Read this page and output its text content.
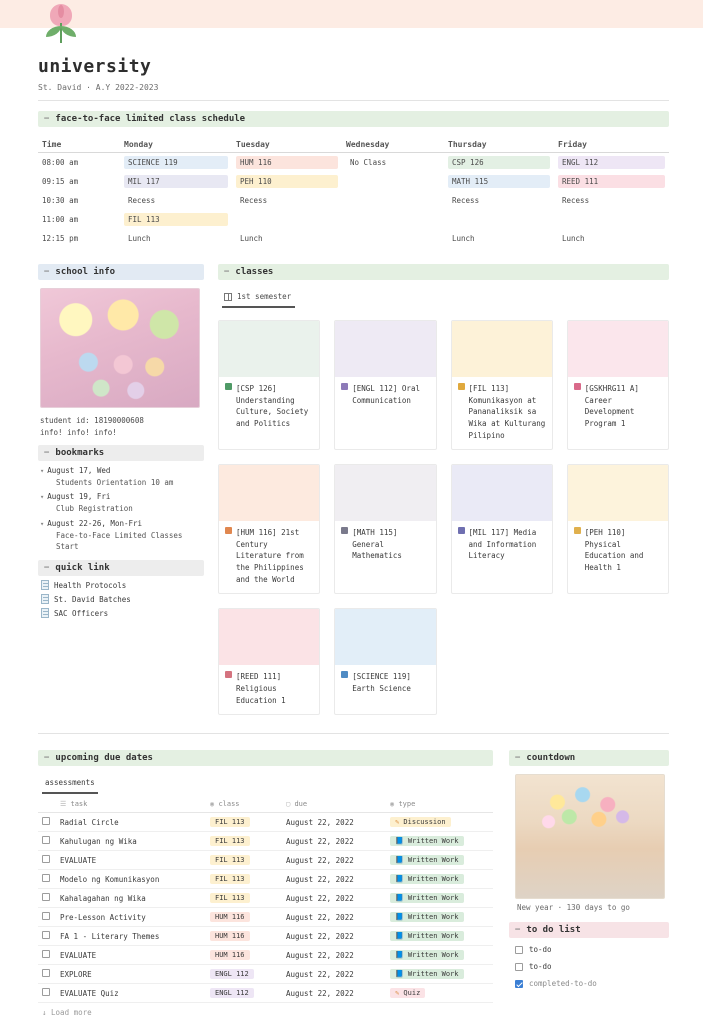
university
St. David · A.Y 2022-2023
− face-to-face limited class schedule
Time	Monday	Tuesday	Wednesday	Thursday	Friday
08:00 am	SCIENCE 119	HUM 116	No Class	CSP 126	ENGL 112

09:15 am	MIL 117	PEH 110		MATH 115	REED 111

10:30 am	Recess	Recess		Recess	Recess

11:00 am	FIL 113				

12:15 pm	Lunch	Lunch		Lunch	Lunch
− school info
student id: 18190000608
info! info! info!
− bookmarks
▾ August 17, Wed
Students Orientation 10 am
▾ August 19, Fri
Club Registration
▾ August 22-26, Mon-Fri
Face-to-Face Limited Classes Start
− quick link
Health Protocols
St. David Batches
SAC Officers
− classes
1st semester
[CSP 126] Understanding Culture, Society and Politics
[ENGL 112] Oral Communication
[FIL 113] Komunikasyon at Pananaliksik sa Wika at Kulturang Pilipino
[GSKHRG11 A] Career Development Program 1
[HUM 116] 21st Century Literature from the Philippines and the World
[MATH 115] General Mathematics
[MIL 117] Media and Information Literacy
[PEH 110] Physical Education and Health 1
[REED 111] Religious Education 1
[SCIENCE 119] Earth Science
− upcoming due dates
assessments
	☰ task	◉ class	▢ due	◉ type
	Radial Circle	FIL 113	August 22, 2022	✎ Discussion
	Kahulugan ng Wika	FIL 113	August 22, 2022	📘 Written Work
	EVALUATE	FIL 113	August 22, 2022	📘 Written Work
	Modelo ng Komunikasyon	FIL 113	August 22, 2022	📘 Written Work
	Kahalagahan ng Wika	FIL 113	August 22, 2022	📘 Written Work
	Pre-Lesson Activity	HUM 116	August 22, 2022	📘 Written Work
	FA 1 - Literary Themes	HUM 116	August 22, 2022	📘 Written Work
	EVALUATE	HUM 116	August 22, 2022	📘 Written Work
	EXPLORE	ENGL 112	August 22, 2022	📘 Written Work
	EVALUATE Quiz	ENGL 112	August 22, 2022	✎ Quiz
↓ Load more
− countdown
New year · 130 days to go
− to do list
to-do
to-do
completed-to-do
